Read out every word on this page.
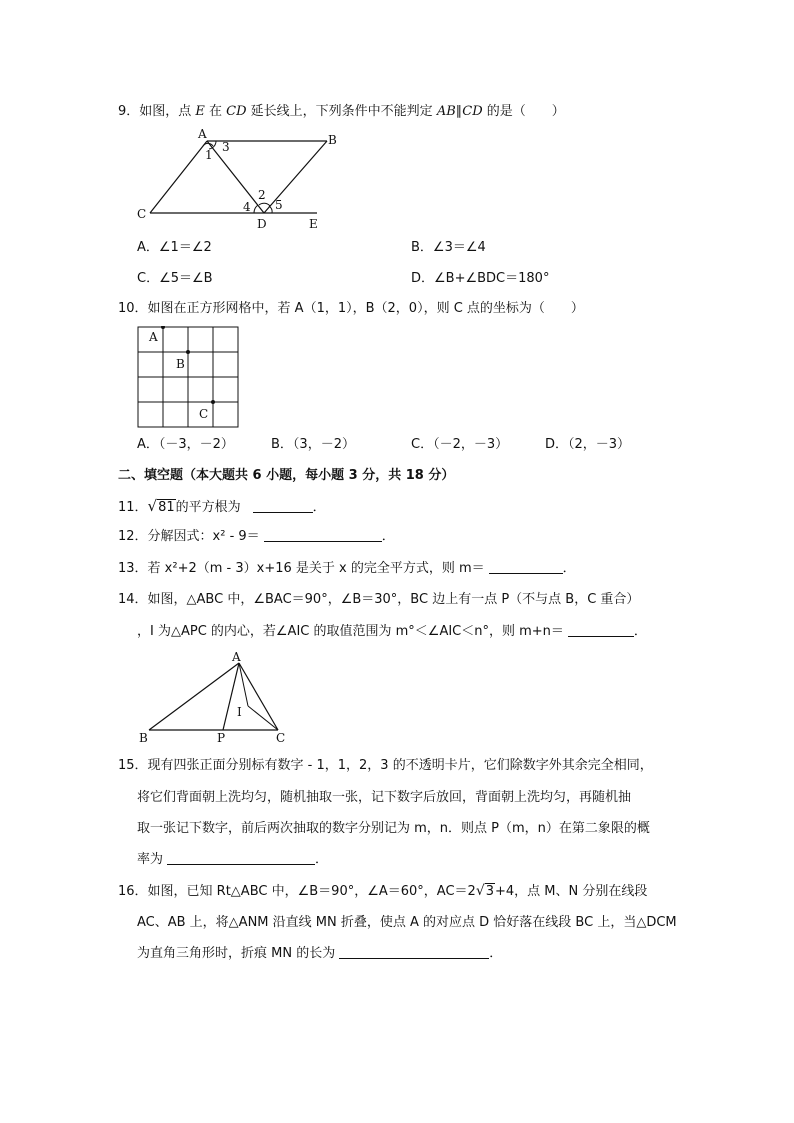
9．如图，点 E 在 CD 延长线上，下列条件中不能判定 AB∥CD 的是（　　）
A	B
C
D	E
1
3
2
4 5
A．∠1＝∠2	B．∠3＝∠4
C．∠5＝∠B	D．∠B+∠BDC＝180°
10．如图在正方形网格中，若 A（1，1），B（2，0），则 C 点的坐标为（　　）
A
B
C
A．（－3，－2）	B．（3，－2）	C．（－2，－3）	D．（2，－3）
二、填空题（本大题共 6 小题，每小题 3 分，共 18 分）
11．√81的平方根为	．
12．分解因式：x² - 9＝	．
13．若 x²+2（m - 3）x+16 是关于 x 的完全平方式，则 m＝	．
14．如图，△ABC 中，∠BAC＝90°，∠B＝30°，BC 边上有一点 P（不与点 B，C 重合）
，I 为△APC 的内心，若∠AIC 的取值范围为 m°＜∠AIC＜n°，则 m+n＝	．
A
B	C
P
I
15．现有四张正面分别标有数字 - 1，1，2，3 的不透明卡片，它们除数字外其余完全相同，
将它们背面朝上洗均匀，随机抽取一张，记下数字后放回，背面朝上洗均匀，再随机抽
取一张记下数字，前后两次抽取的数字分别记为 m，n．则点 P（m，n）在第二象限的概
率为	．
16．如图，已知 Rt△ABC 中，∠B＝90°，∠A＝60°，AC＝2√3+4，点 M、N 分别在线段
AC、AB 上，将△ANM 沿直线 MN 折叠，使点 A 的对应点 D 恰好落在线段 BC 上，当△DCM
为直角三角形时，折痕 MN 的长为	．
